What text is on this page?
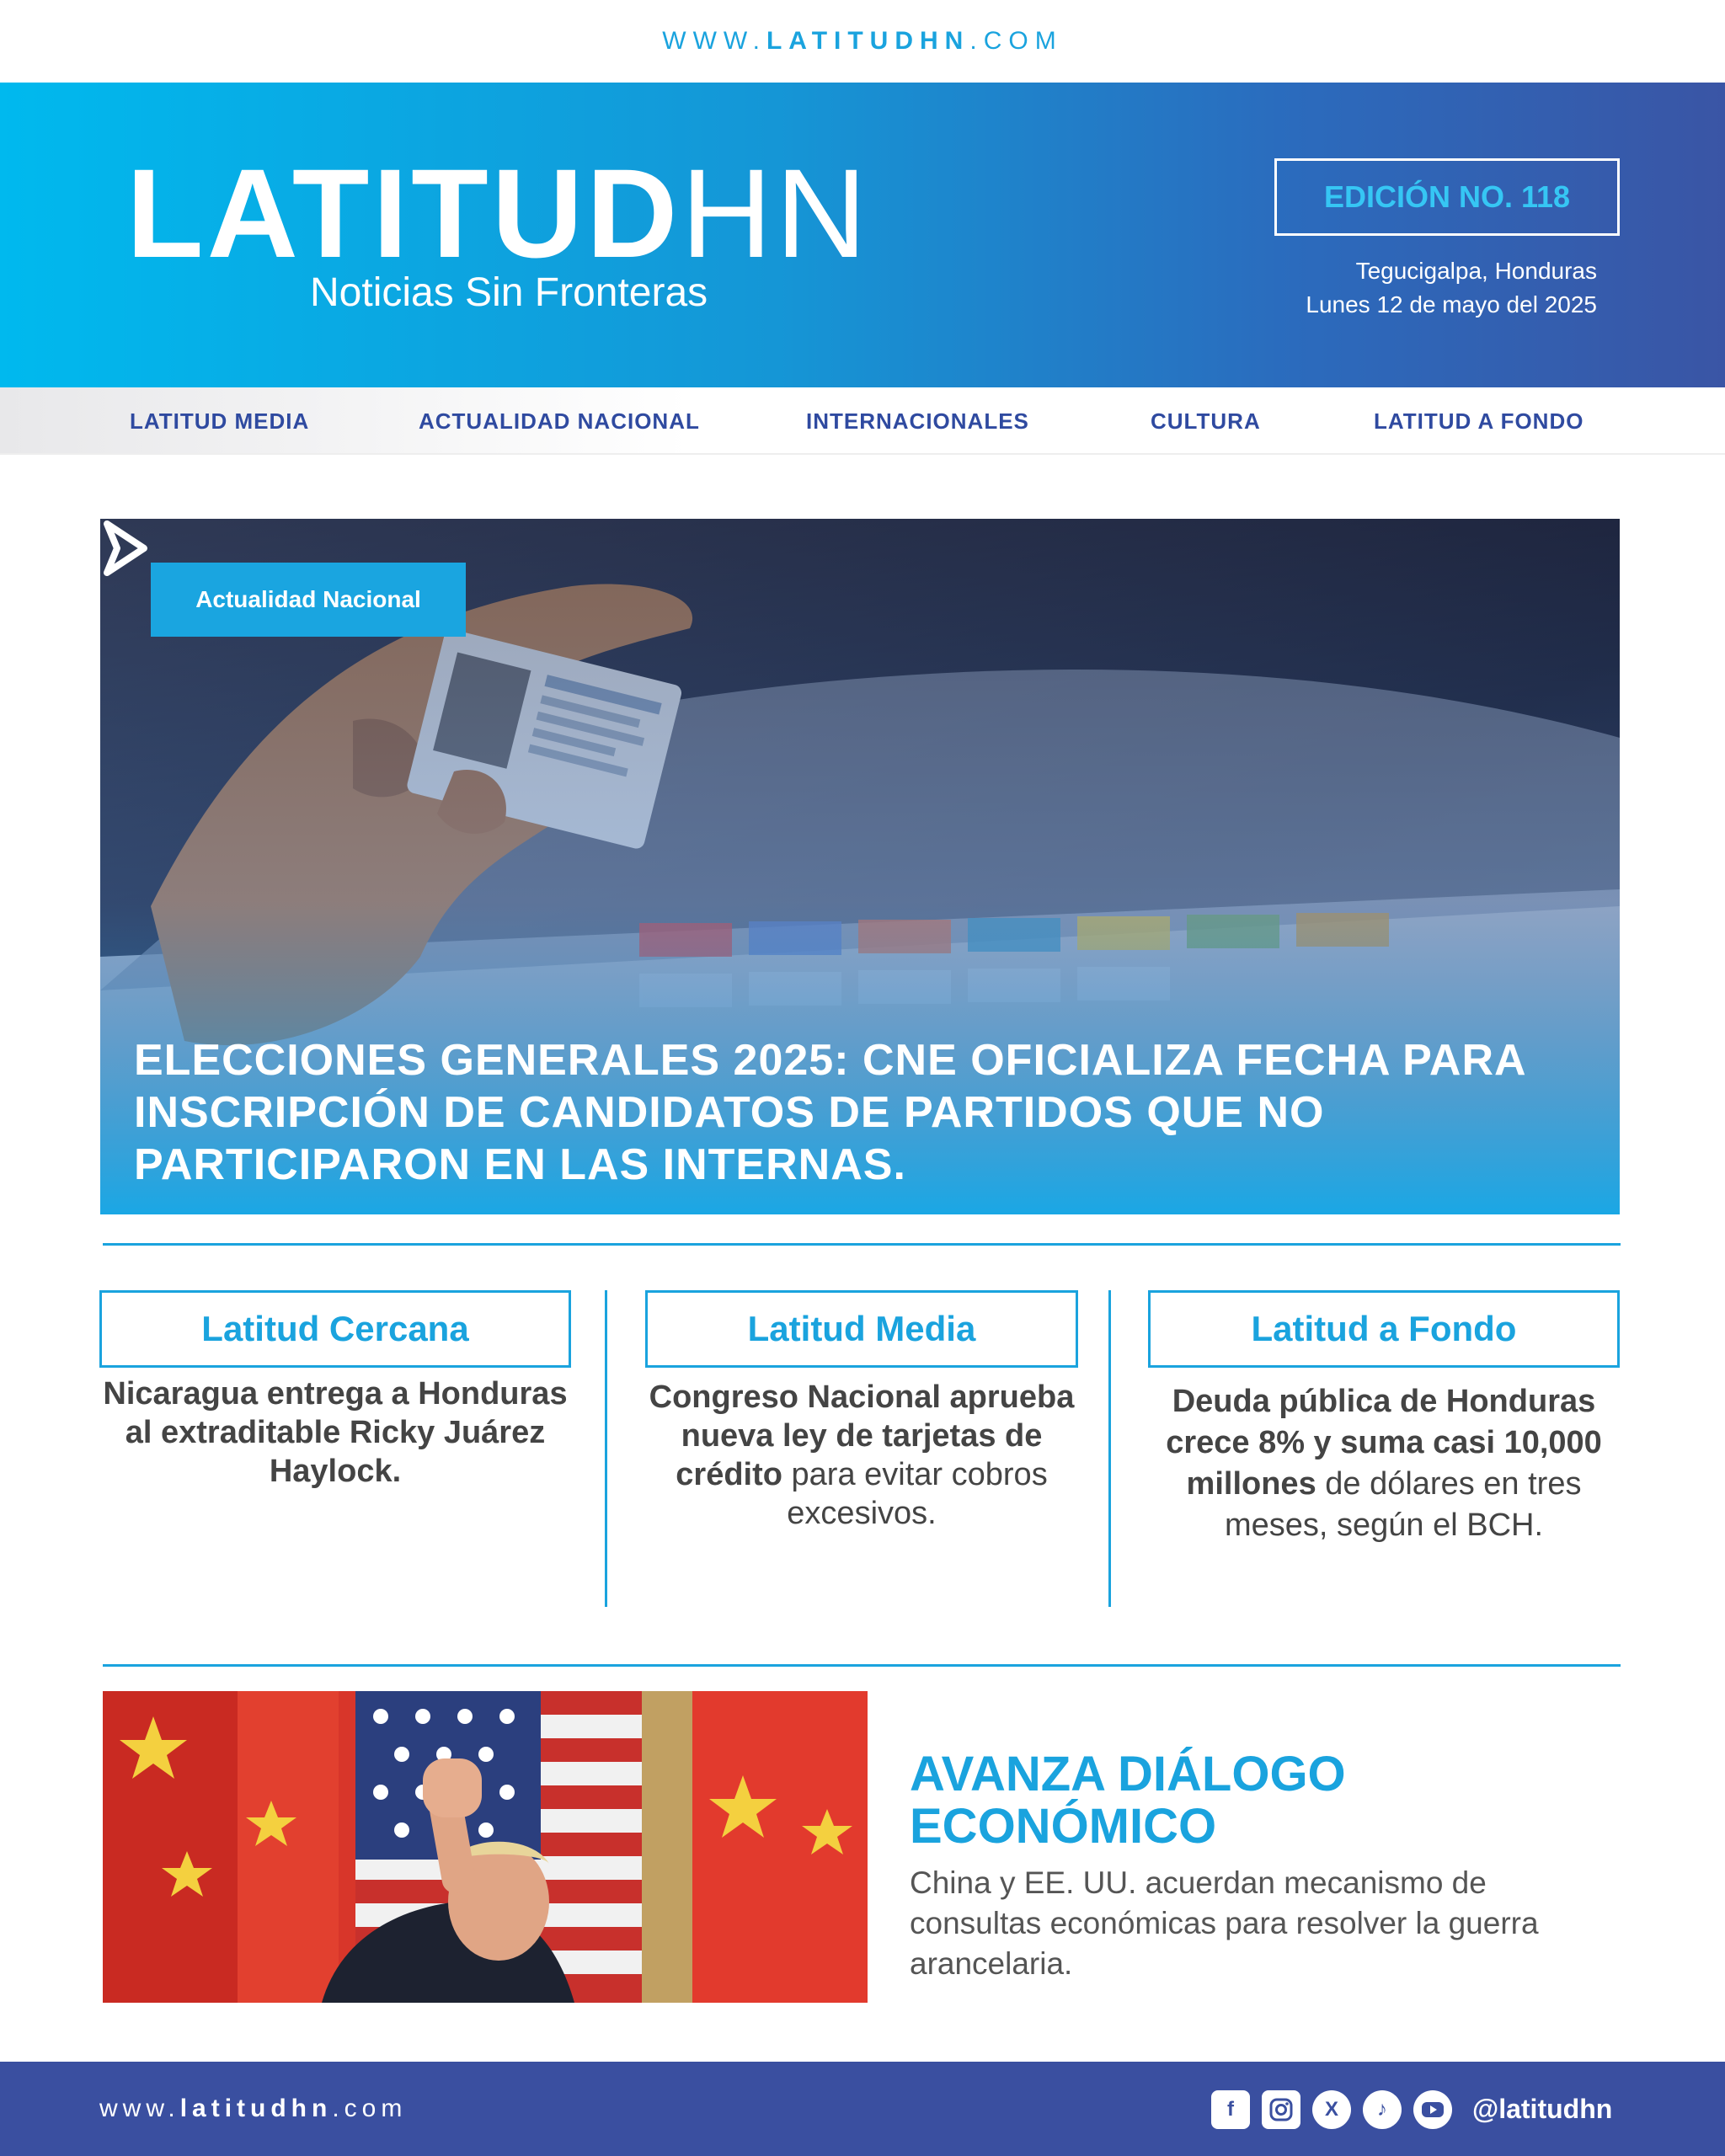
WWW. LATITUDHN .COM
LATITUDHN
Noticias Sin Fronteras
EDICIÓN NO. 118
Tegucigalpa, Honduras
Lunes 12 de mayo del 2025
LATITUD MEDIA	ACTUALIDAD NACIONAL	INTERNACIONALES	CULTURA	LATITUD A FONDO
Actualidad Nacional
ELECCIONES GENERALES 2025: CNE OFICIALIZA FECHA PARA INSCRIPCIÓN DE CANDIDATOS DE PARTIDOS QUE NO PARTICIPARON EN LAS INTERNAS.
Latitud Cercana
Nicaragua entrega a Honduras al extraditable Ricky Juárez Haylock.
Latitud Media
Congreso Nacional aprueba nueva ley de tarjetas de crédito para evitar cobros excesivos.
Latitud a Fondo
Deuda pública de Honduras crece 8% y suma casi 10,000 millones de dólares en tres meses, según el BCH.
AVANZA DIÁLOGO ECONÓMICO
China y EE. UU. acuerdan mecanismo de consultas económicas para resolver la guerra arancelaria.
www.latitudhn.com	f	X	♪	@latitudhn
